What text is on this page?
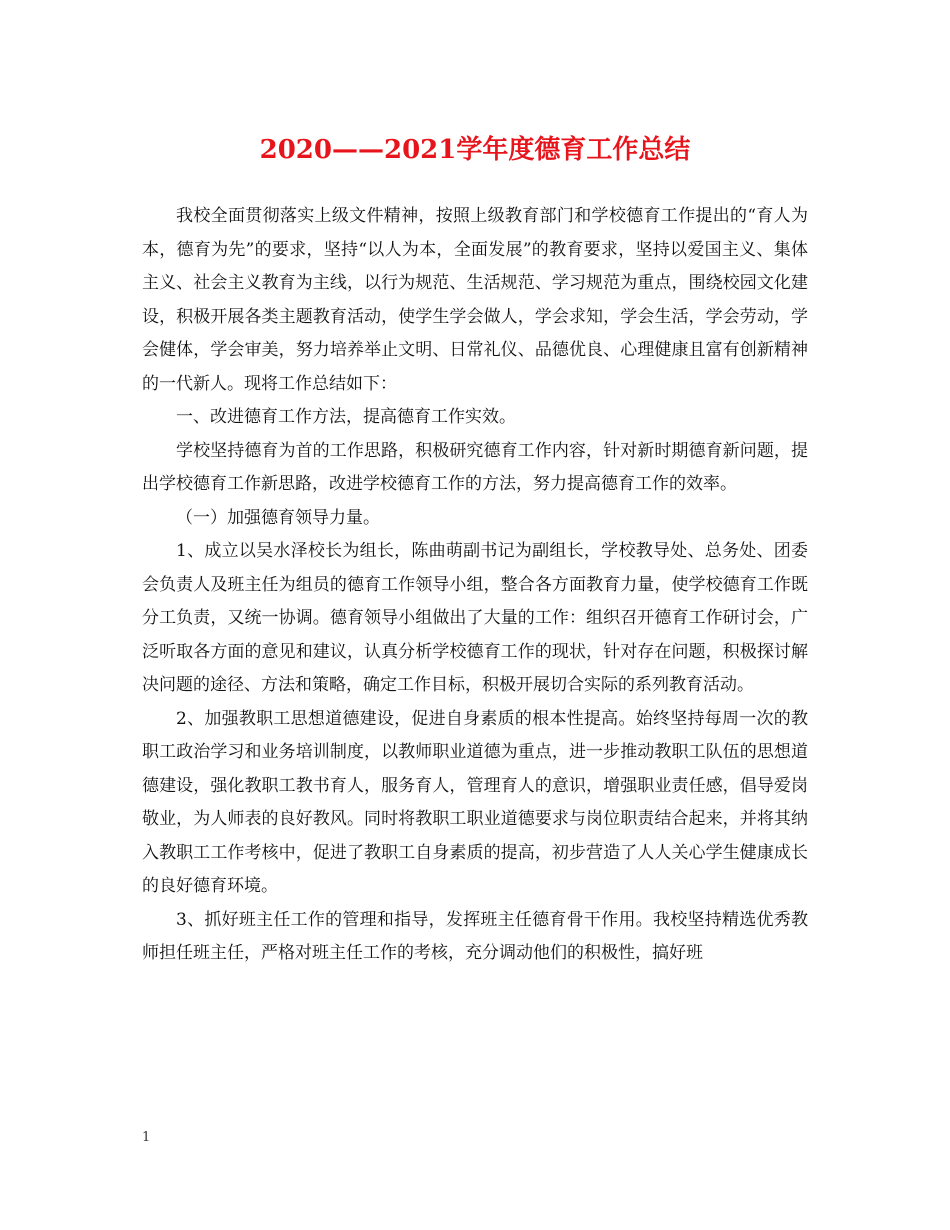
2020——2021学年度德育工作总结

我校全面贯彻落实上级文件精神，按照上级教育部门和学校德育工作提出的“育人为本，德育为先”的要求，坚持“以人为本，全面发展”的教育要求，坚持以爱国主义、集体主义、社会主义教育为主线，以行为规范、生活规范、学习规范为重点，围绕校园文化建设，积极开展各类主题教育活动，使学生学会做人，学会求知，学会生活，学会劳动，学会健体，学会审美，努力培养举止文明、日常礼仪、品德优良、心理健康且富有创新精神的一代新人。现将工作总结如下：

一、改进德育工作方法，提高德育工作实效。

学校坚持德育为首的工作思路，积极研究德育工作内容，针对新时期德育新问题，提出学校德育工作新思路，改进学校德育工作的方法，努力提高德育工作的效率。

（一）加强德育领导力量。

1、成立以吴水泽校长为组长，陈曲萌副书记为副组长，学校教导处、总务处、团委会负责人及班主任为组员的德育工作领导小组，整合各方面教育力量，使学校德育工作既分工负责，又统一协调。德育领导小组做出了大量的工作：组织召开德育工作研讨会，广泛听取各方面的意见和建议，认真分析学校德育工作的现状，针对存在问题，积极探讨解决问题的途径、方法和策略，确定工作目标，积极开展切合实际的系列教育活动。

2、加强教职工思想道德建设，促进自身素质的根本性提高。始终坚持每周一次的教职工政治学习和业务培训制度，以教师职业道德为重点，进一步推动教职工队伍的思想道德建设，强化教职工教书育人，服务育人，管理育人的意识，增强职业责任感，倡导爱岗敬业，为人师表的良好教风。同时将教职工职业道德要求与岗位职责结合起来，并将其纳入教职工工作考核中，促进了教职工自身素质的提高，初步营造了人人关心学生健康成长的良好德育环境。

3、抓好班主任工作的管理和指导，发挥班主任德育骨干作用。我校坚持精选优秀教师担任班主任，严格对班主任工作的考核，充分调动他们的积极性，搞好班

1
